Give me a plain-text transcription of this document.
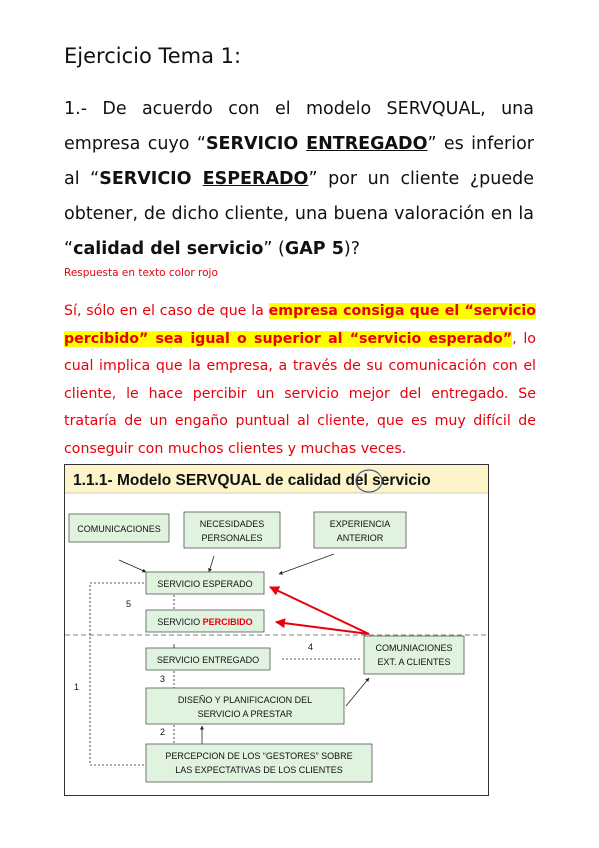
Ejercicio Tema 1:
1.- De acuerdo con el modelo SERVQUAL, una empresa cuyo “SERVICIO ENTREGADO” es inferior al “SERVICIO ESPERADO” por un cliente ¿puede obtener, de dicho cliente, una buena valoración en la “calidad del servicio” (GAP 5)?
Respuesta en texto color rojo
Sí, sólo en el caso de que la empresa consiga que el “servicio percibido” sea igual o superior al “servicio esperado”, lo cual implica que la empresa, a través de su comunicación con el cliente, le hace percibir un servicio mejor del entregado. Se trataría de un engaño puntual al cliente, que es muy difícil de conseguir con muchos clientes y muchas veces.
1.1.1- Modelo SERVQUAL de calidad del servicio
COMUNICACIONES	NECESIDADES
PERSONALES
EXPERIENCIA
ANTERIOR
SERVICIO ESPERADO
5
SERVICIO PERCIBIDO
SERVICIO ENTREGADO
COMUNIACIONES
EXT. A CLIENTES
4
3
DISEÑO Y PLANIFICACION DEL
SERVICIO A PRESTAR
2
PERCEPCION DE LOS “GESTORES” SOBRE
LAS EXPECTATIVAS DE LOS CLIENTES
1
